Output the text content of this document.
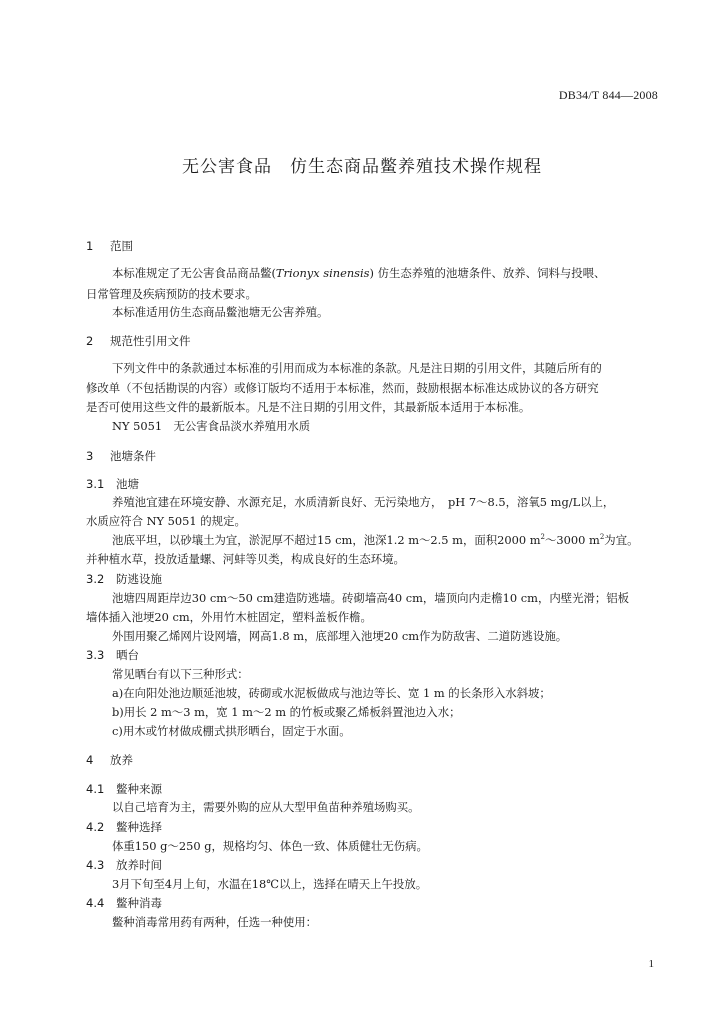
DB34/T 844—2008
无公害食品　仿生态商品鳖养殖技术操作规程
1 范围
本标准规定了无公害食品商品鳖(Trionyx sinensis) 仿生态养殖的池塘条件、放养、饲料与投喂、
日常管理及疾病预防的技术要求。
本标准适用仿生态商品鳖池塘无公害养殖。
2 规范性引用文件
下列文件中的条款通过本标准的引用而成为本标准的条款。凡是注日期的引用文件，其随后所有的
修改单（不包括勘误的内容）或修订版均不适用于本标准，然而，鼓励根据本标准达成协议的各方研究
是否可使用这些文件的最新版本。凡是不注日期的引用文件，其最新版本适用于本标准。
NY 5051　无公害食品淡水养殖用水质
3 池塘条件
3.1 池塘
养殖池宜建在环境安静、水源充足，水质清新良好、无污染地方，　pH 7～8.5，溶氧5 mg/L以上，
水质应符合 NY 5051 的规定。
池底平坦，以砂壤土为宜，淤泥厚不超过15 cm，池深1.2 m～2.5 m，面积2000 $m^2\sim 3000$ $m^2$为宜。
并种植水草，投放适量螺、河蚌等贝类，构成良好的生态环境。
3.2 防逃设施
池塘四周距岸边30 cm～50 cm建造防逃墙。砖砌墙高40 cm，墙顶向内走檐10 cm，内壁光滑；铝板
墙体插入池埂20 cm，外用竹木桩固定，塑料盖板作檐。
外围用聚乙烯网片设网墙，网高1.8 m，底部埋入池埂20 cm作为防敌害、二道防逃设施。
3.3 晒台
常见晒台有以下三种形式：
a)在向阳处池边顺延池坡，砖砌或水泥板做成与池边等长、宽 1 m 的长条形入水斜坡；
b)用长 2 m～3 m，宽 1 m～2 m 的竹板或聚乙烯板斜置池边入水；
c)用木或竹材做成棚式拱形晒台，固定于水面。
4 放养
4.1 鳖种来源
以自己培育为主，需要外购的应从大型甲鱼苗种养殖场购买。
4.2 鳖种选择
体重150 g～250 g，规格均匀、体色一致、体质健壮无伤病。
4.3 放养时间
3月下旬至4月上旬，水温在18℃以上，选择在晴天上午投放。
4.4 鳖种消毒
鳖种消毒常用药有两种，任选一种使用：
1
